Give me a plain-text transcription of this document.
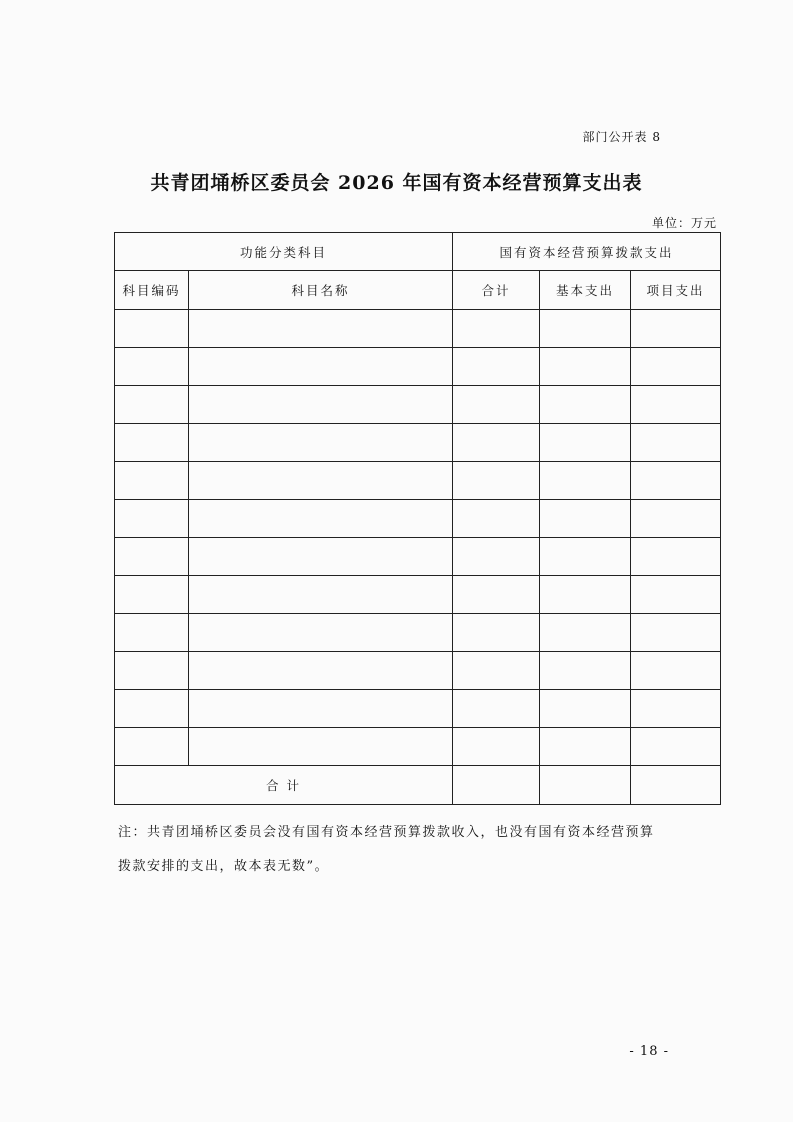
部门公开表 8
共青团埇桥区委员会 2026 年国有资本经营预算支出表
单位：万元
功能分类科目		国有资本经营预算拨款支出		
科目编码	科目名称	合计	基本支出	项目支出

合 计				
注：共青团埇桥区委员会没有国有资本经营预算拨款收入，也没有国有资本经营预算
拨款安排的支出，故本表无数”。
- 18 -
